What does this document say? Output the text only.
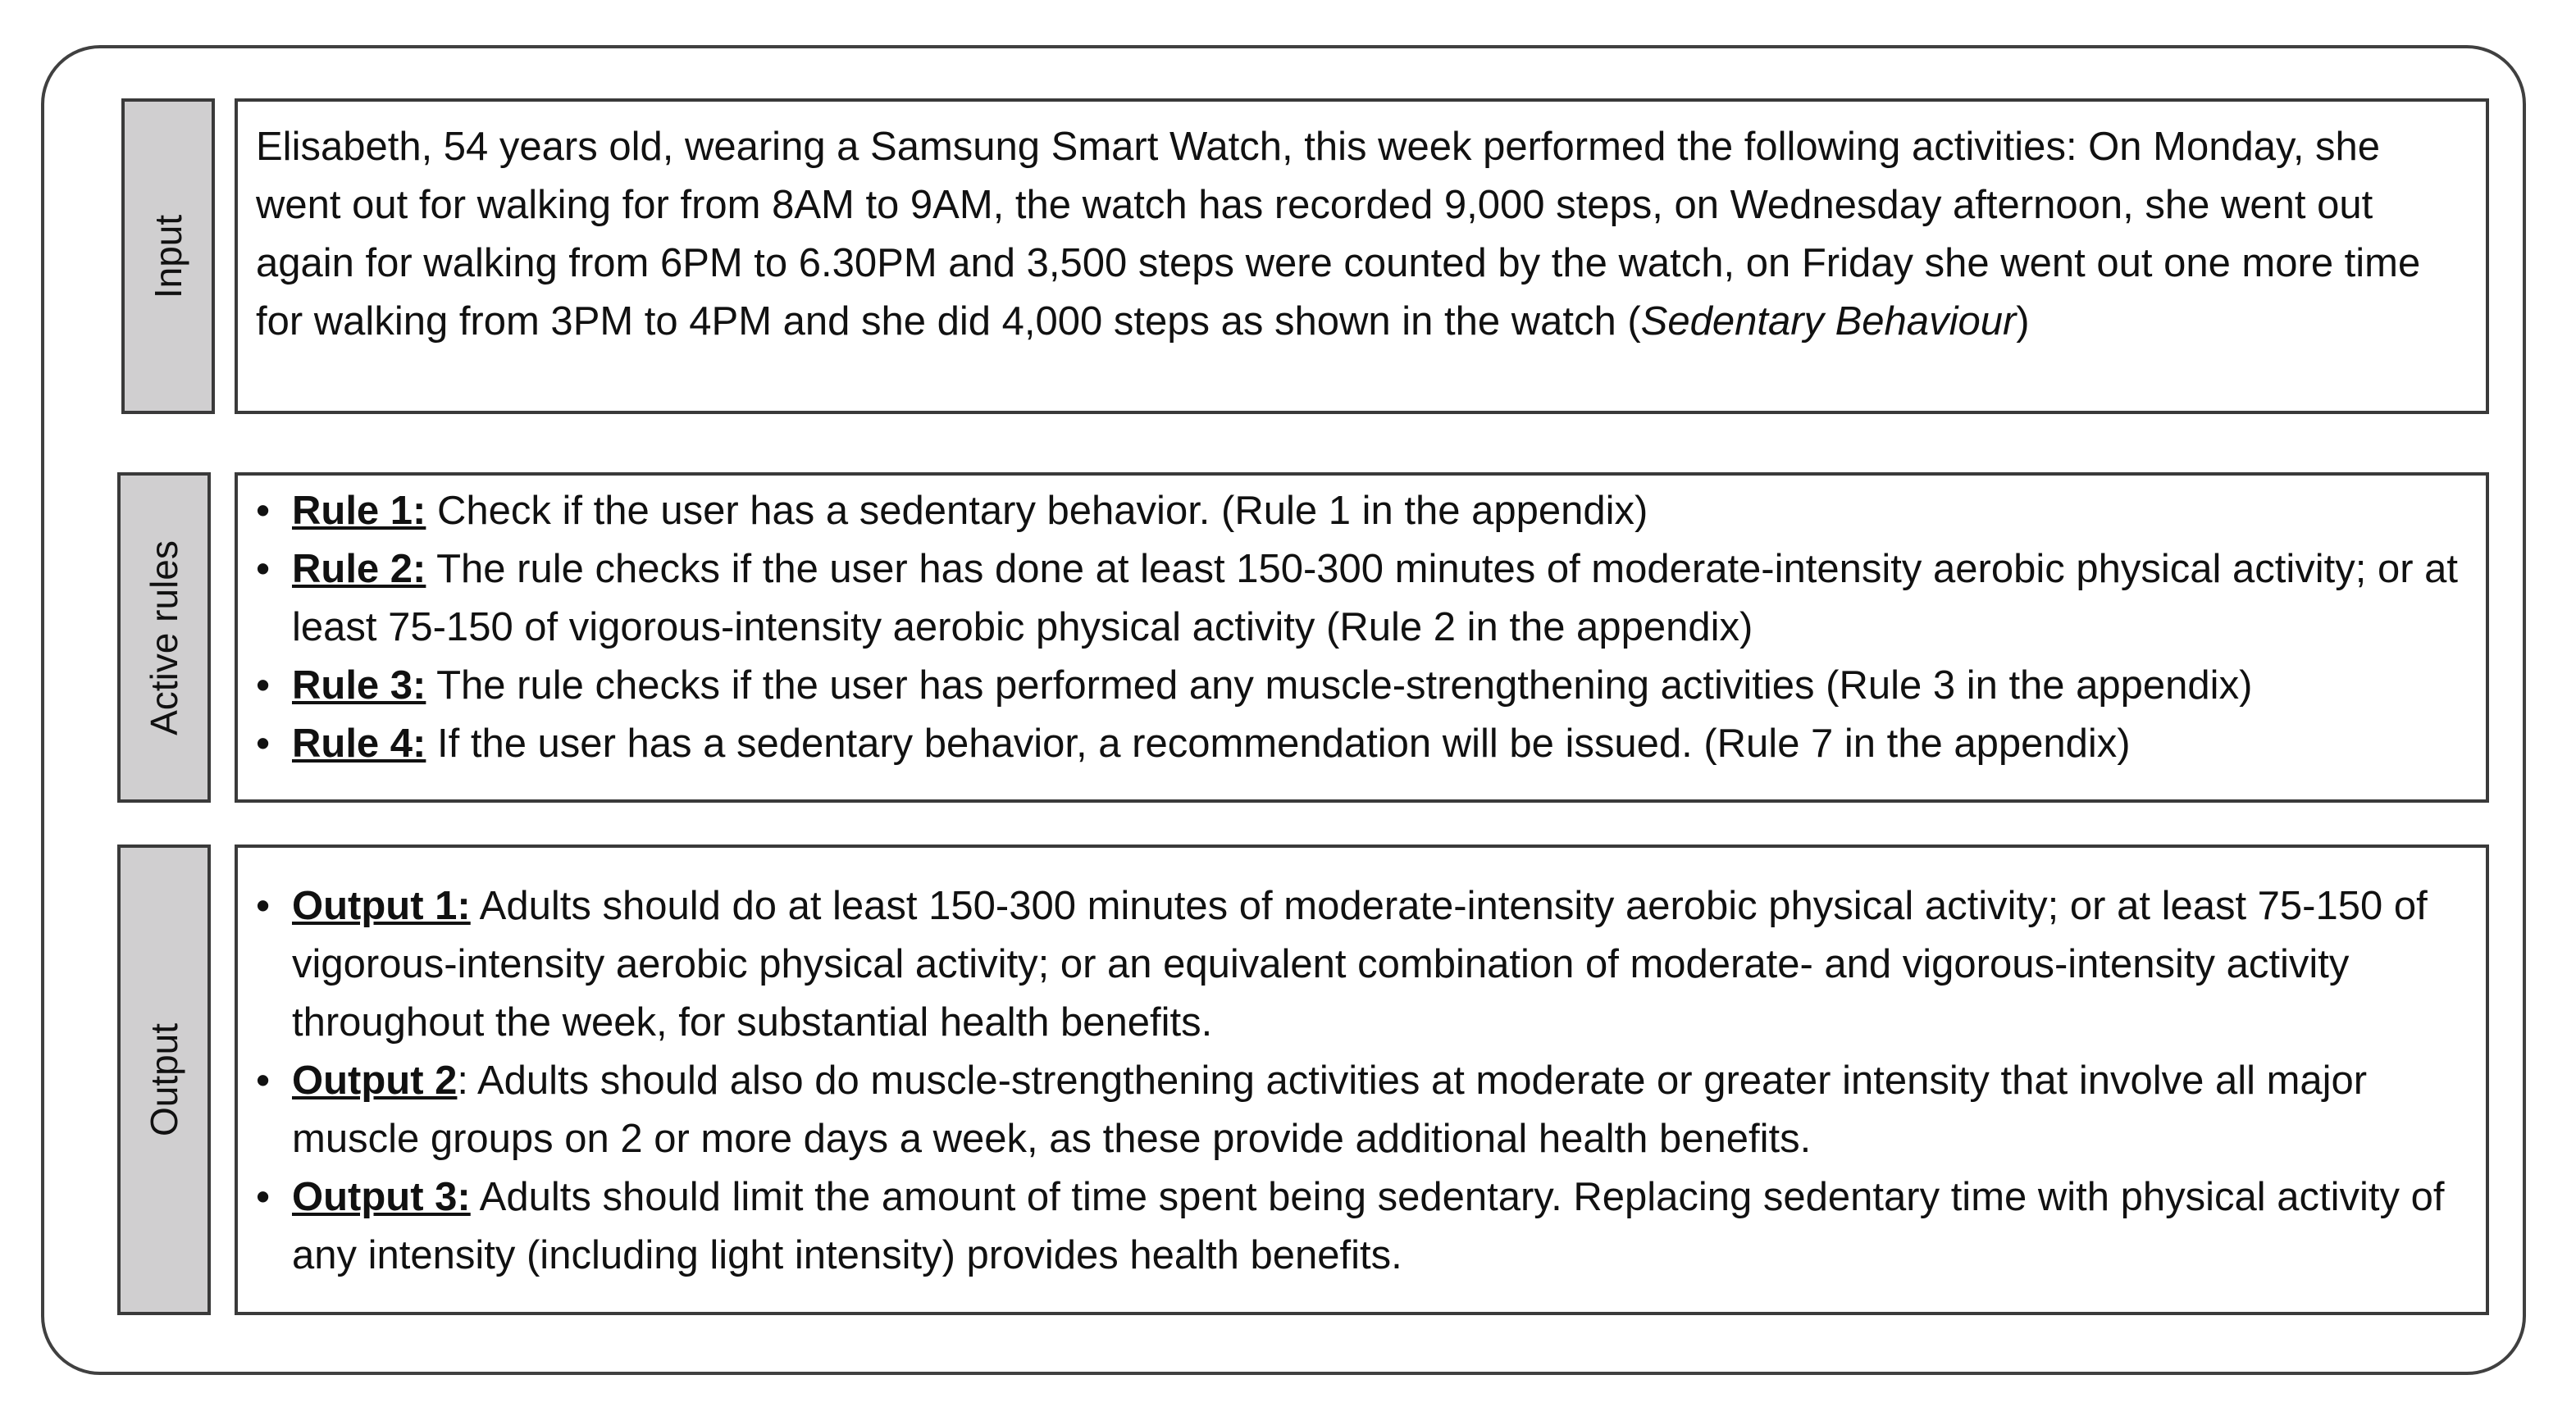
Input
Elisabeth, 54 years old, wearing a Samsung Smart Watch, this week performed the following activities: On Monday, she went out for walking for from 8AM to 9AM, the watch has recorded 9,000 steps, on Wednesday afternoon, she went out again for walking from 6PM to 6.30PM and 3,500 steps were counted by the watch, on Friday she went out one more time for walking from 3PM to 4PM and she did 4,000 steps as shown in the watch (Sedentary Behaviour)
Active rules
• Rule 1: Check if the user has a sedentary behavior. (Rule 1 in the appendix)
• Rule 2: The rule checks if the user has done at least 150-300 minutes of moderate-intensity aerobic physical activity; or at least 75-150 of vigorous-intensity aerobic physical activity (Rule 2 in the appendix)
• Rule 3: The rule checks if the user has performed any muscle-strengthening activities (Rule 3 in the appendix)
• Rule 4: If the user has a sedentary behavior, a recommendation will be issued. (Rule 7 in the appendix)
Output
• Output 1: Adults should do at least 150-300 minutes of moderate-intensity aerobic physical activity; or at least 75-150 of vigorous-intensity aerobic physical activity; or an equivalent combination of moderate- and vigorous-intensity activity throughout the week, for substantial health benefits.
• Output 2: Adults should also do muscle-strengthening activities at moderate or greater intensity that involve all major muscle groups on 2 or more days a week, as these provide additional health benefits.
• Output 3: Adults should limit the amount of time spent being sedentary. Replacing sedentary time with physical activity of any intensity (including light intensity) provides health benefits.
